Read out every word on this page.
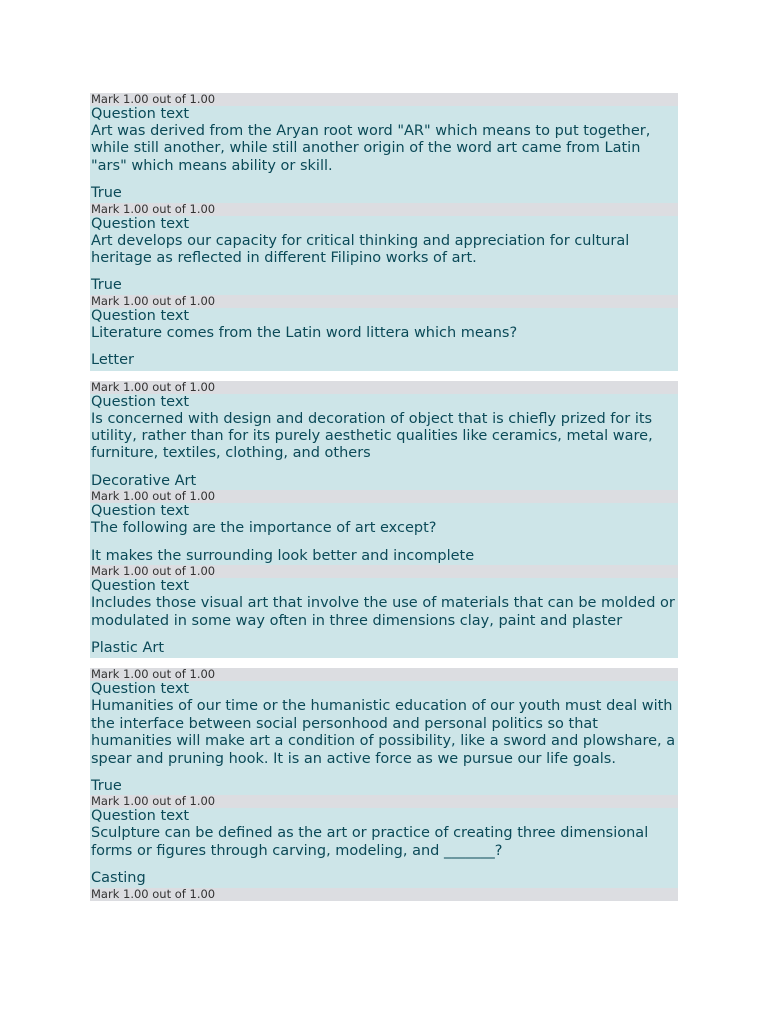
Mark 1.00 out of 1.00
Question text
Art was derived from the Aryan root word "AR" which means to put together, while still another, while still another origin of the word art came from Latin "ars" which means ability or skill.
True
Mark 1.00 out of 1.00
Question text
Art develops our capacity for critical thinking and appreciation for cultural heritage as reflected in different Filipino works of art.
True
Mark 1.00 out of 1.00
Question text
Literature comes from the Latin word littera which means?
Letter
Mark 1.00 out of 1.00
Question text
Is concerned with design and decoration of object that is chiefly prized for its utility, rather than for its purely aesthetic qualities like ceramics, metal ware, furniture, textiles, clothing, and others
Decorative Art
Mark 1.00 out of 1.00
Question text
The following are the importance of art except?
It makes the surrounding look better and incomplete
Mark 1.00 out of 1.00
Question text
Includes those visual art that involve the use of materials that can be molded or modulated in some way often in three dimensions clay, paint and plaster
Plastic Art
Mark 1.00 out of 1.00
Question text
Humanities of our time or the humanistic education of our youth must deal with the interface between social personhood and personal politics so that humanities will make art a condition of possibility, like a sword and plowshare, a spear and pruning hook. It is an active force as we pursue our life goals.
True
Mark 1.00 out of 1.00
Question text
Sculpture can be defined as the art or practice of creating three dimensional forms or figures through carving, modeling, and _______?
Casting
Mark 1.00 out of 1.00
